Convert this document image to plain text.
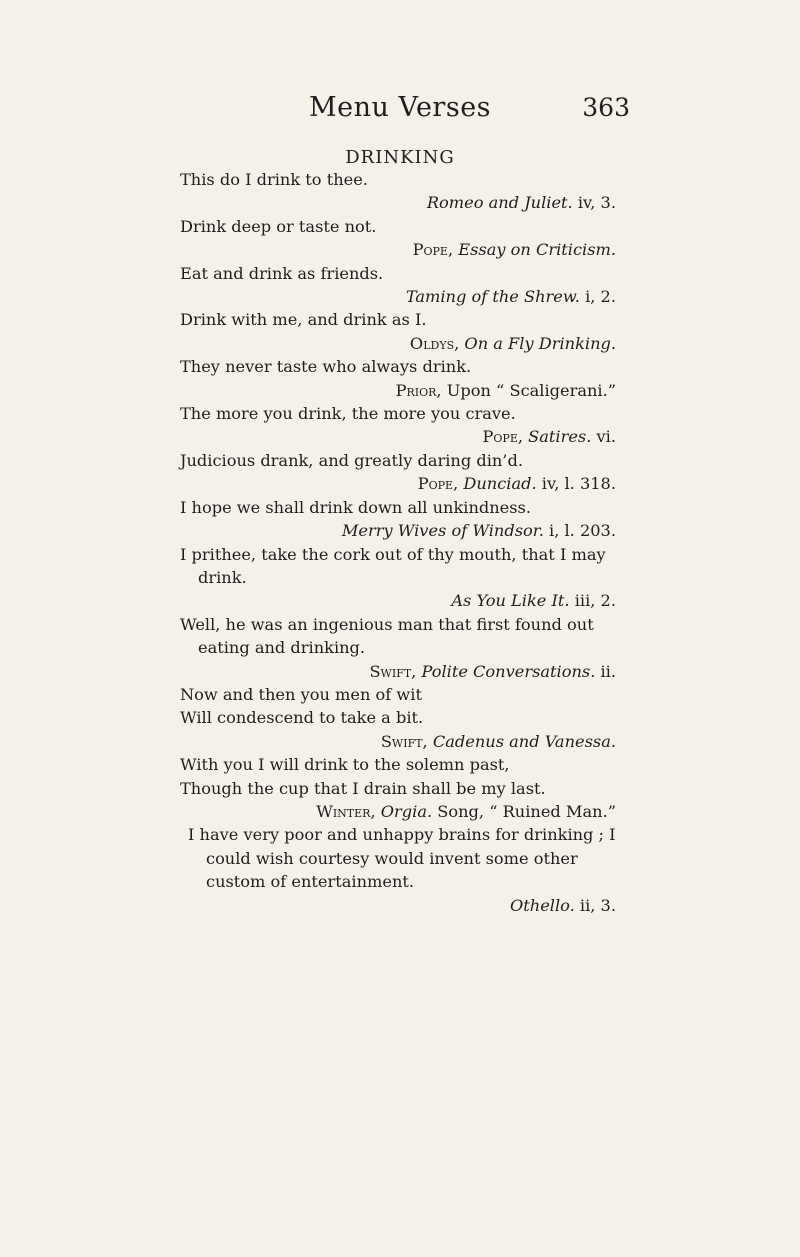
Menu Verses	363
DRINKING
This do I drink to thee.
Romeo and Juliet. iv, 3.
Drink deep or taste not.
Pope, Essay on Criticism.
Eat and drink as friends.
Taming of the Shrew. i, 2.
Drink with me, and drink as I.
Oldys, On a Fly Drinking.
They never taste who always drink.
Prior, Upon “ Scaligerani.”
The more you drink, the more you crave.
Pope, Satires. vi.
Judicious drank, and greatly daring din’d.
Pope, Dunciad. iv, l. 318.
I hope we shall drink down all unkindness.
Merry Wives of Windsor. i, l. 203.
I prithee, take the cork out of thy mouth, that I may drink.
As You Like It. iii, 2.
Well, he was an ingenious man that first found out eating and drinking.
Swift, Polite Conversations. ii.
Now and then you men of wit
Will condescend to take a bit.
Swift, Cadenus and Vanessa.
With you I will drink to the solemn past,
Though the cup that I drain shall be my last.
Winter, Orgia. Song, “ Ruined Man.”
I have very poor and unhappy brains for drinking ; I could wish courtesy would invent some other custom of entertainment.
Othello. ii, 3.
